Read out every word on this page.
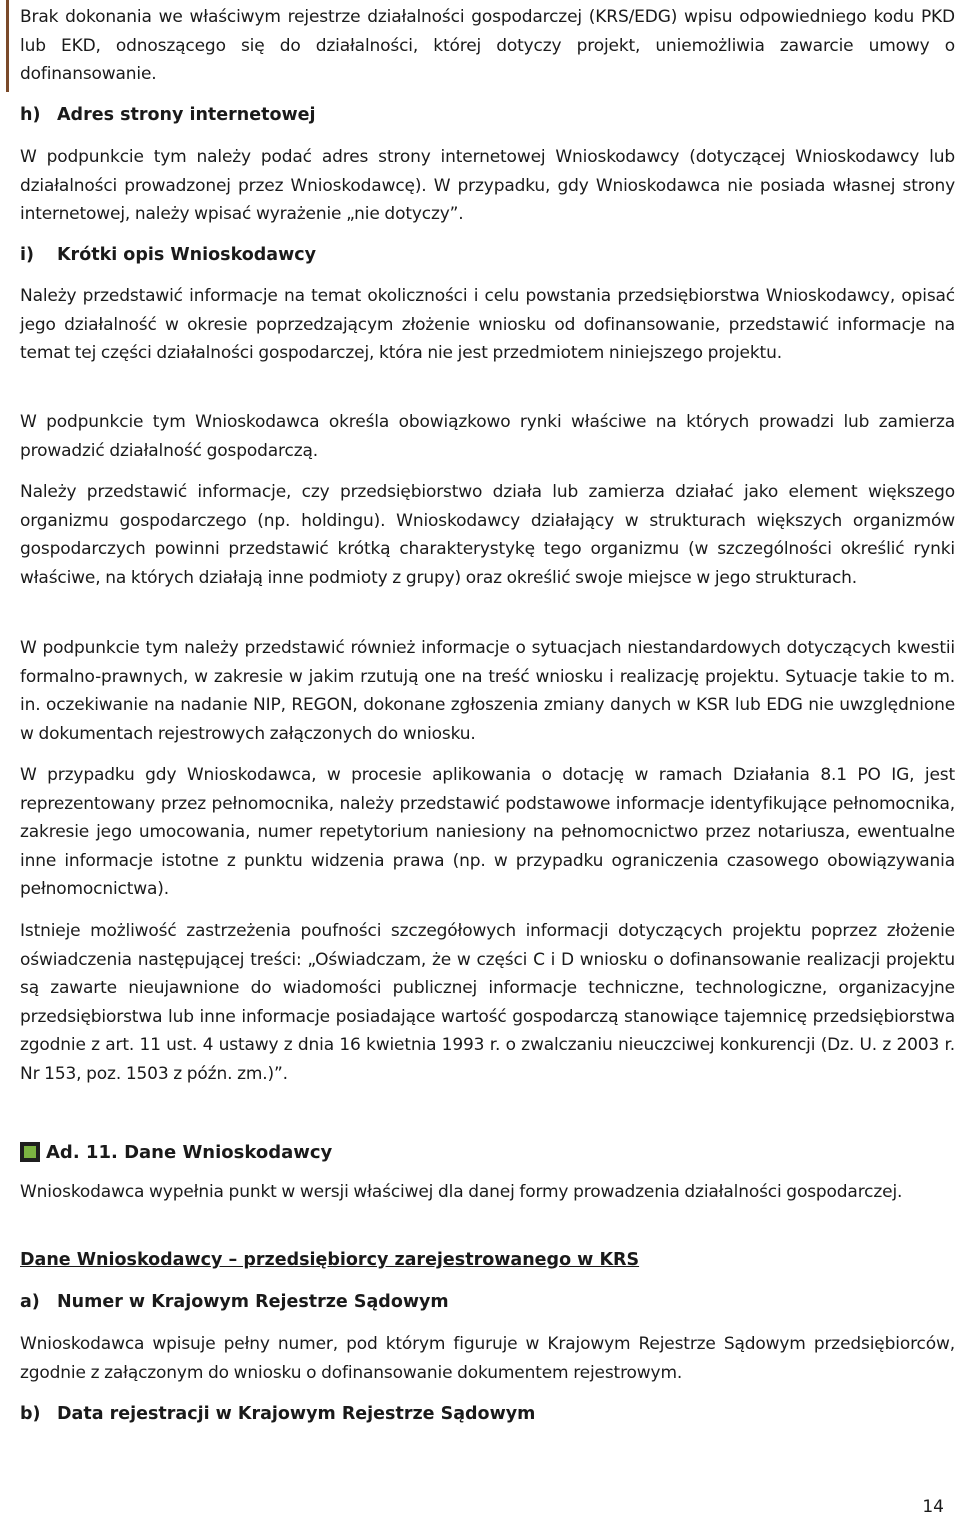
Brak dokonania we właściwym rejestrze działalności gospodarczej (KRS/EDG) wpisu odpowiedniego kodu PKD lub EKD, odnoszącego się do działalności, której dotyczy projekt, uniemożliwia zawarcie umowy o dofinansowanie.

h) Adres strony internetowej

W podpunkcie tym należy podać adres strony internetowej Wnioskodawcy (dotyczącej Wnioskodawcy lub działalności prowadzonej przez Wnioskodawcę). W przypadku, gdy Wnioskodawca nie posiada własnej strony internetowej, należy wpisać wyrażenie „nie dotyczy”.

i) Krótki opis Wnioskodawcy

Należy przedstawić informacje na temat okoliczności i celu powstania przedsiębiorstwa Wnioskodawcy, opisać jego działalność w okresie poprzedzającym złożenie wniosku od dofinansowanie, przedstawić informacje na temat tej części działalności gospodarczej, która nie jest przedmiotem niniejszego projektu.

W podpunkcie tym Wnioskodawca określa obowiązkowo rynki właściwe na których prowadzi lub zamierza prowadzić działalność gospodarczą.

Należy przedstawić informacje, czy przedsiębiorstwo działa lub zamierza działać jako element większego organizmu gospodarczego (np. holdingu). Wnioskodawcy działający w strukturach większych organizmów gospodarczych powinni przedstawić krótką charakterystykę tego organizmu (w szczególności określić rynki właściwe, na których działają inne podmioty z grupy) oraz określić swoje miejsce w jego strukturach.

W podpunkcie tym należy przedstawić również informacje o sytuacjach niestandardowych dotyczących kwestii formalno-prawnych, w zakresie w jakim rzutują one na treść wniosku i realizację projektu. Sytuacje takie to m. in. oczekiwanie na nadanie NIP, REGON, dokonane zgłoszenia zmiany danych w KSR lub EDG nie uwzględnione w dokumentach rejestrowych załączonych do wniosku.

W przypadku gdy Wnioskodawca, w procesie aplikowania o dotację w ramach Działania 8.1 PO IG, jest reprezentowany przez pełnomocnika, należy przedstawić podstawowe informacje identyfikujące pełnomocnika, zakresie jego umocowania, numer repetytorium naniesiony na pełnomocnictwo przez notariusza, ewentualne inne informacje istotne z punktu widzenia prawa (np. w przypadku ograniczenia czasowego obowiązywania pełnomocnictwa).

Istnieje możliwość zastrzeżenia poufności szczegółowych informacji dotyczących projektu poprzez złożenie oświadczenia następującej treści: „Oświadczam, że w części C i D wniosku o dofinansowanie realizacji projektu są zawarte nieujawnione do wiadomości publicznej informacje techniczne, technologiczne, organizacyjne przedsiębiorstwa lub inne informacje posiadające wartość gospodarczą stanowiące tajemnicę przedsiębiorstwa zgodnie z art. 11 ust. 4 ustawy z dnia 16 kwietnia 1993 r. o zwalczaniu nieuczciwej konkurencji (Dz. U. z 2003 r. Nr 153, poz. 1503 z późn. zm.)”.

Ad. 11. Dane Wnioskodawcy

Wnioskodawca wypełnia punkt w wersji właściwej dla danej formy prowadzenia działalności gospodarczej.

Dane Wnioskodawcy – przedsiębiorcy zarejestrowanego w KRS
a) Numer w Krajowym Rejestrze Sądowym

Wnioskodawca wpisuje pełny numer, pod którym figuruje w Krajowym Rejestrze Sądowym przedsiębiorców, zgodnie z załączonym do wniosku o dofinansowanie dokumentem rejestrowym.

b) Data rejestracji w Krajowym Rejestrze Sądowym
14
